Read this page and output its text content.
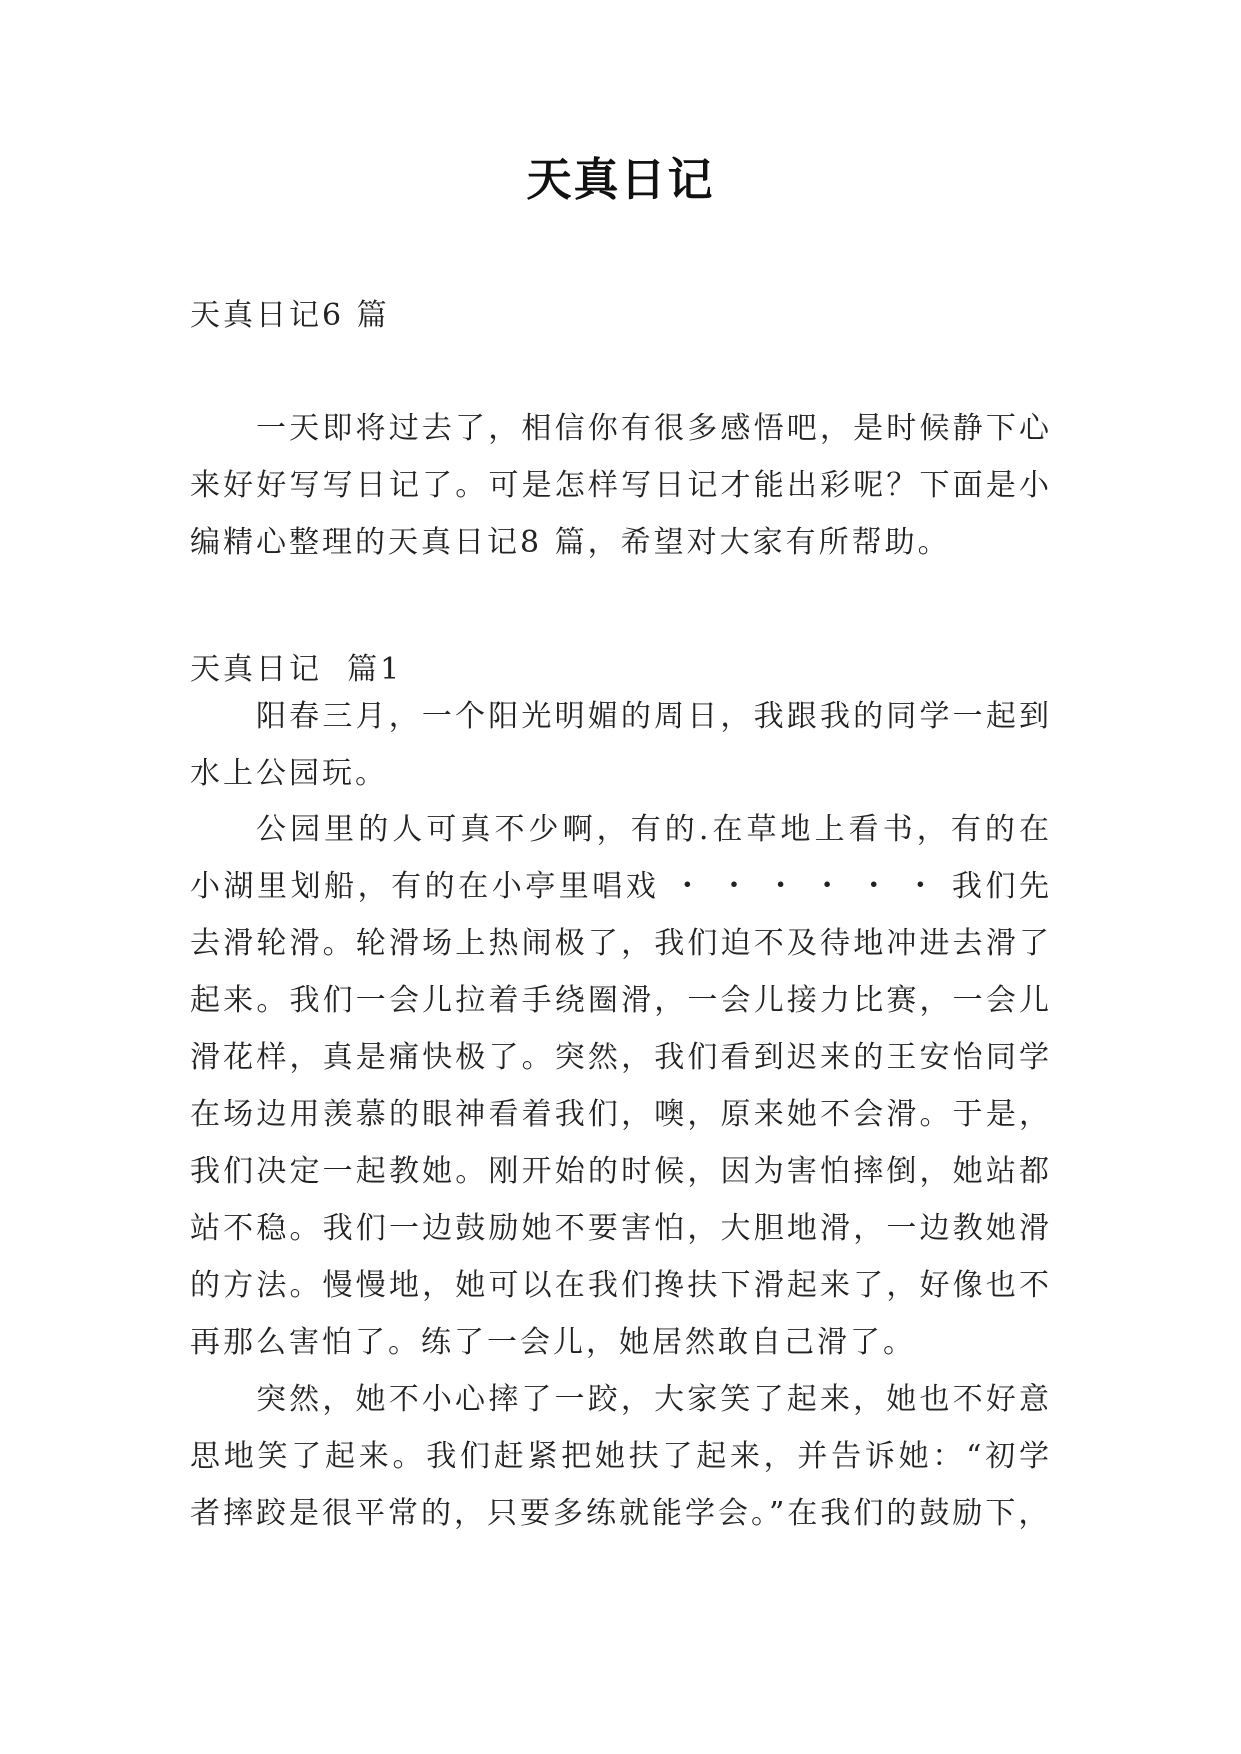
天真日记

天真日记6 篇

一天即将过去了，相信你有很多感悟吧，是时候静下心来好好写写日记了。可是怎样写日记才能出彩呢？下面是小编精心整理的天真日记8 篇，希望对大家有所帮助。

天真日记  篇1

阳春三月，一个阳光明媚的周日，我跟我的同学一起到水上公园玩。

公园里的人可真不少啊，有的.在草地上看书，有的在小湖里划船，有的在小亭里唱戏 ・ ・ ・ ・ ・ ・ 我们先去滑轮滑。轮滑场上热闹极了，我们迫不及待地冲进去滑了起来。我们一会儿拉着手绕圈滑，一会儿接力比赛，一会儿滑花样，真是痛快极了。突然，我们看到迟来的王安怡同学在场边用羡慕的眼神看着我们，噢，原来她不会滑。于是，我们决定一起教她。刚开始的时候，因为害怕摔倒，她站都站不稳。我们一边鼓励她不要害怕，大胆地滑，一边教她滑的方法。慢慢地，她可以在我们搀扶下滑起来了，好像也不再那么害怕了。练了一会儿，她居然敢自己滑了。

突然，她不小心摔了一跤，大家笑了起来，她也不好意思地笑了起来。我们赶紧把她扶了起来，并告诉她：“初学者摔跤是很平常的，只要多练就能学会。”在我们的鼓励下，
